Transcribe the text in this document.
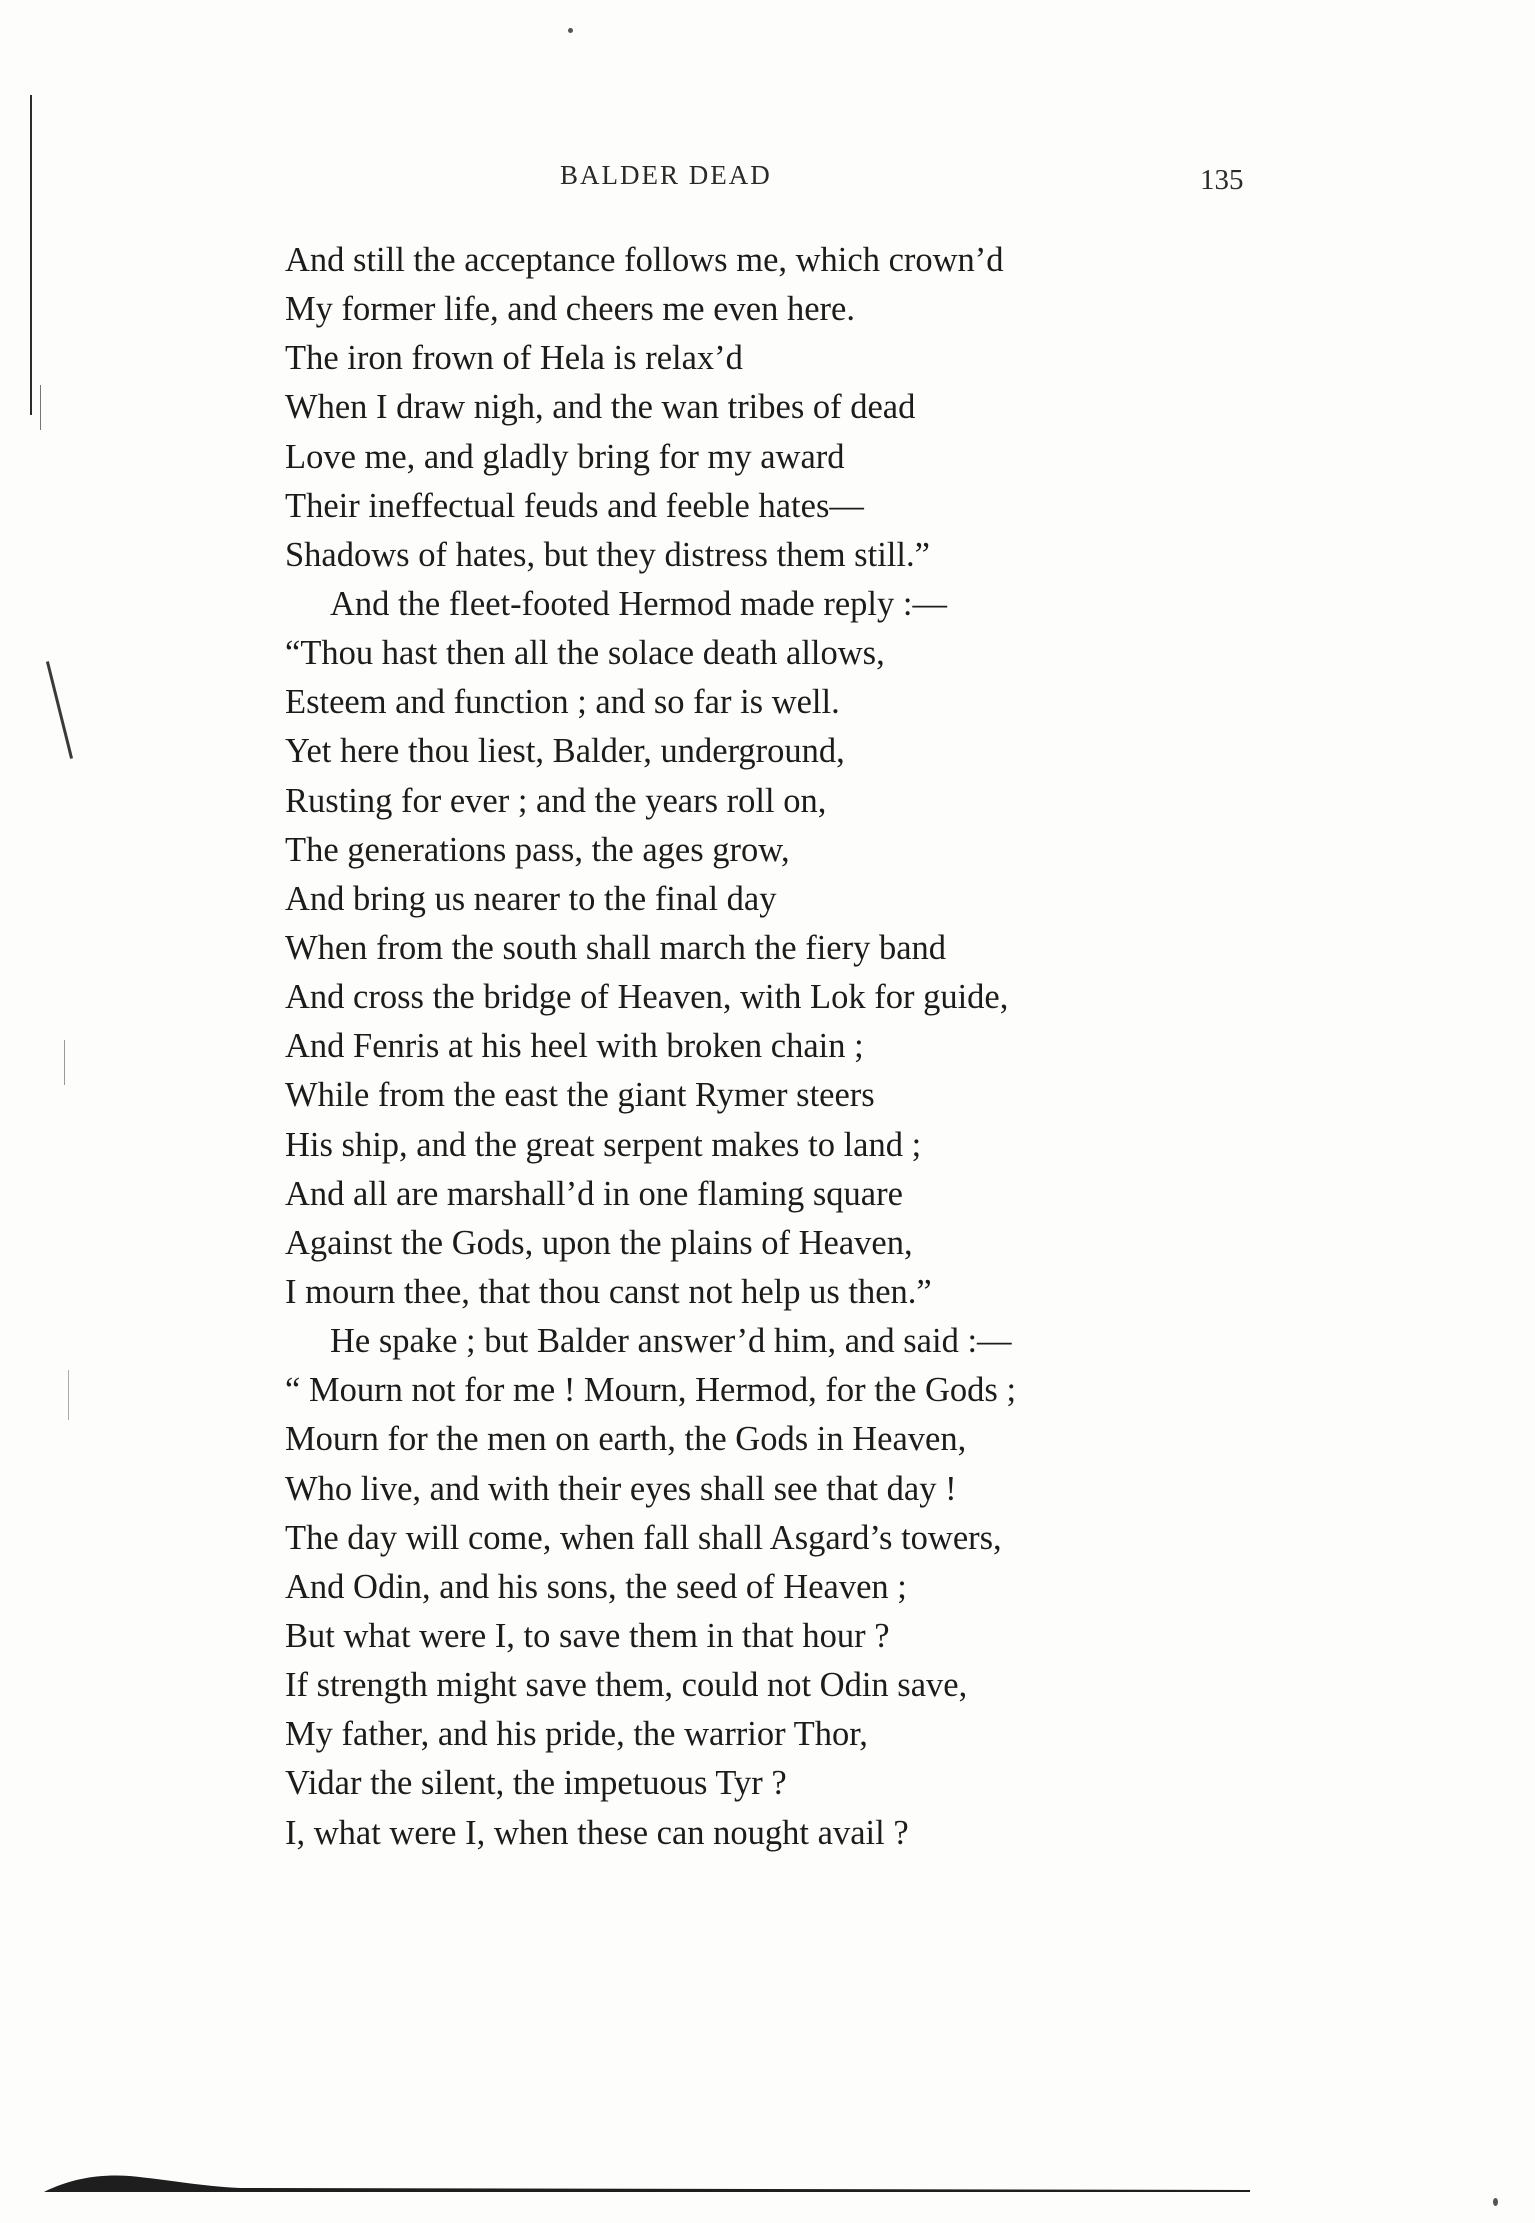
BALDER DEAD	135
And still the acceptance follows me, which crown’d
My former life, and cheers me even here.
The iron frown of Hela is relax’d
When I draw nigh, and the wan tribes of dead
Love me, and gladly bring for my award
Their ineffectual feuds and feeble hates—
Shadows of hates, but they distress them still.”
And the fleet-footed Hermod made reply :—
“Thou hast then all the solace death allows,
Esteem and function ; and so far is well.
Yet here thou liest, Balder, underground,
Rusting for ever ; and the years roll on,
The generations pass, the ages grow,
And bring us nearer to the final day
When from the south shall march the fiery band
And cross the bridge of Heaven, with Lok for guide,
And Fenris at his heel with broken chain ;
While from the east the giant Rymer steers
His ship, and the great serpent makes to land ;
And all are marshall’d in one flaming square
Against the Gods, upon the plains of Heaven,
I mourn thee, that thou canst not help us then.”
He spake ; but Balder answer’d him, and said :—
“ Mourn not for me ! Mourn, Hermod, for the Gods ;
Mourn for the men on earth, the Gods in Heaven,
Who live, and with their eyes shall see that day !
The day will come, when fall shall Asgard’s towers,
And Odin, and his sons, the seed of Heaven ;
But what were I, to save them in that hour ?
If strength might save them, could not Odin save,
My father, and his pride, the warrior Thor,
Vidar the silent, the impetuous Tyr ?
I, what were I, when these can nought avail ?
